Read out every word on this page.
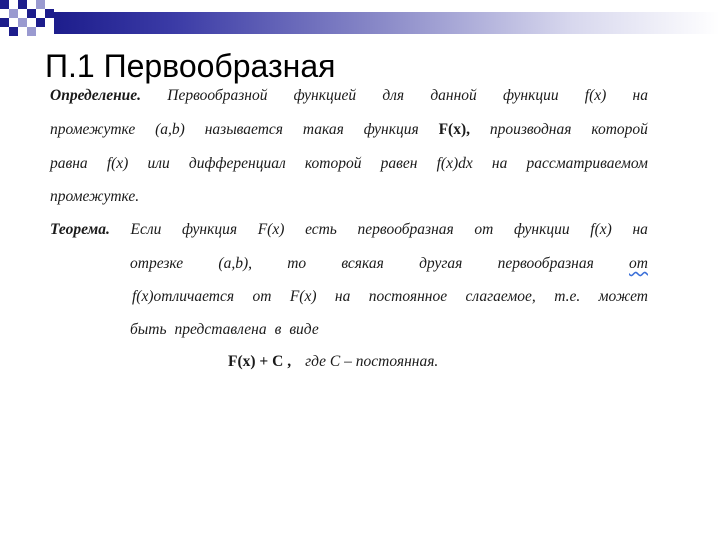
П.1 Первообразная
Определение. Первообразной функцией для данной функции f(x) на
промежутке (a,b) называется такая функция F(x), производная которой
равна f(x) или дифференциал которой равен f(x)dx на рассматриваемом
промежутке.
Теорема. Если функция F(x) есть первообразная от функции f(x) на
отрезке (a,b), то всякая другая первообразная от
f(x)отличается от F(x) на постоянное слагаемое, т.е. может
быть представлена в виде
F(x) + C , где C – постоянная.
